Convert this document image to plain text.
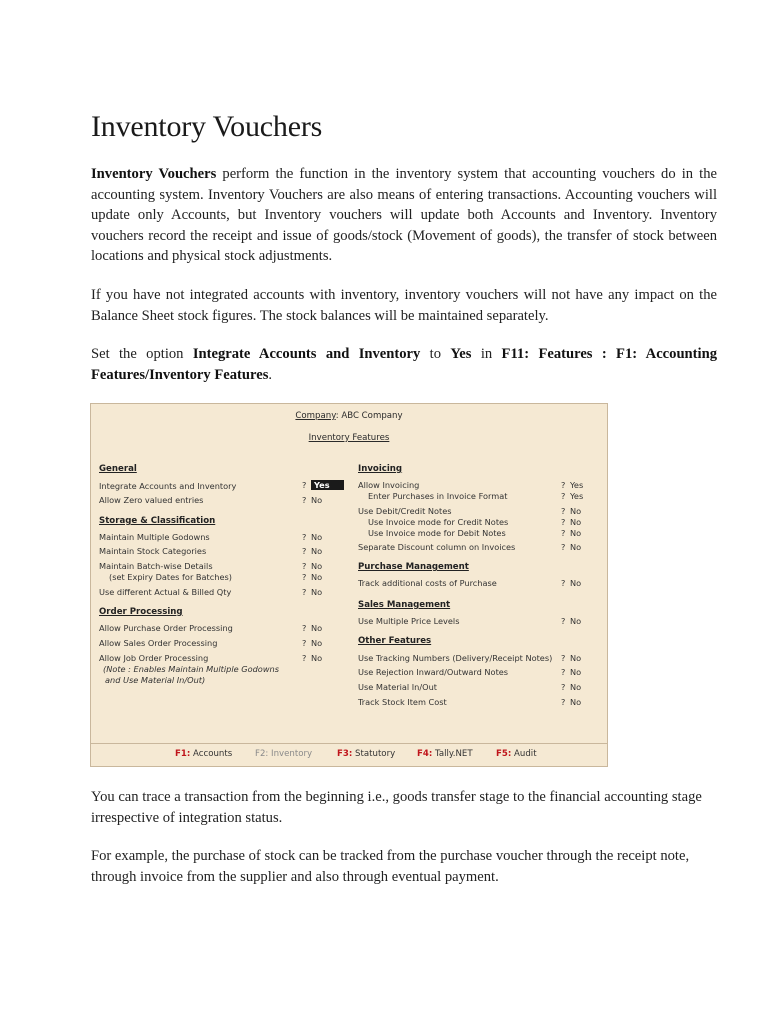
Inventory Vouchers

Inventory Vouchers perform the function in the inventory system that accounting vouchers do in the accounting system. Inventory Vouchers are also means of entering transactions. Accounting vouchers will update only Accounts, but Inventory vouchers will update both Accounts and Inventory. Inventory vouchers record the receipt and issue of goods/stock (Movement of goods), the transfer of stock between locations and physical stock adjustments.

If you have not integrated accounts with inventory, inventory vouchers will not have any impact on the Balance Sheet stock figures. The stock balances will be maintained separately.

Set the option Integrate Accounts and Inventory to Yes in F11: Features : F1: Accounting Features/Inventory Features.

Company: ABC Company
Inventory Features
General
Integrate Accounts and Inventory	? Yes
Allow Zero valued entries	? No
Storage & Classification
Maintain Multiple Godowns	? No
Maintain Stock Categories	? No
Maintain Batch-wise Details	? No
(set Expiry Dates for Batches)	? No
Use different Actual & Billed Qty	? No
Order Processing
Allow Purchase Order Processing	? No
Allow Sales Order Processing	? No
Allow Job Order Processing	? No
(Note : Enables Maintain Multiple Godowns
and Use Material In/Out)
Invoicing
Allow Invoicing	? Yes
Enter Purchases in Invoice Format	? Yes
Use Debit/Credit Notes	? No
Use Invoice mode for Credit Notes	? No
Use Invoice mode for Debit Notes	? No
Separate Discount column on Invoices	? No
Purchase Management
Track additional costs of Purchase	? No
Sales Management
Use Multiple Price Levels	? No
Other Features
Use Tracking Numbers (Delivery/Receipt Notes) ? No
Use Rejection Inward/Outward Notes	? No
Use Material In/Out	? No
Track Stock Item Cost	? No
F1: Accounts	F2: Inventory	F3: Statutory	F4: Tally.NET	F5: Audit

You can trace a transaction from the beginning i.e., goods transfer stage to the financial accounting stage irrespective of integration status.

For example, the purchase of stock can be tracked from the purchase voucher through the receipt note, through invoice from the supplier and also through eventual payment.
